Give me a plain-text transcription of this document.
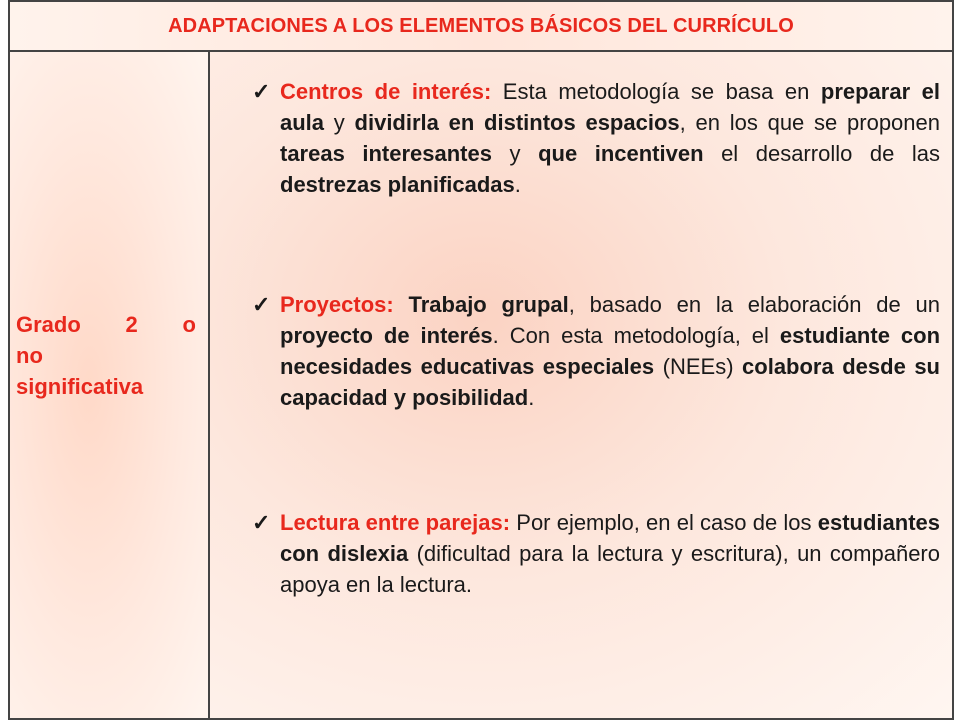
ADAPTACIONES A LOS ELEMENTOS BÁSICOS DEL CURRÍCULO
Grado 2 o
no
significativa
✓ Centros de interés: Esta metodología se basa en preparar el aula y dividirla en distintos espacios, en los que se proponen tareas interesantes y que incentiven el desarrollo de las destrezas planificadas.
✓ Proyectos: Trabajo grupal, basado en la elaboración de un proyecto de interés. Con esta metodología, el estudiante con necesidades educativas especiales (NEEs) colabora desde su capacidad y posibilidad.
✓ Lectura entre parejas: Por ejemplo, en el caso de los estudiantes con dislexia (dificultad para la lectura y escritura), un compañero apoya en la lectura.
